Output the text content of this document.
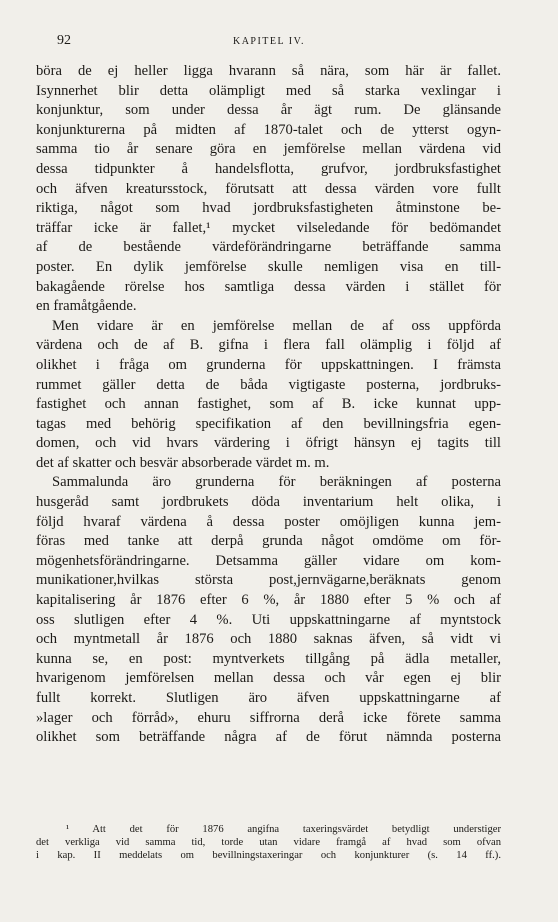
92	KAPITEL IV.
böra de ej heller ligga hvarann så nära, som här är fallet.
Isynnerhet blir detta olämpligt med så starka vexlingar i
konjunktur, som under dessa år ägt rum. De glänsande
konjunkturerna på midten af 1870-talet och de ytterst ogyn-
samma tio år senare göra en jemförelse mellan värdena vid
dessa tidpunkter å handelsflotta, grufvor, jordbruksfastighet
och äfven kreatursstock, förutsatt att dessa värden vore fullt
riktiga, något som hvad jordbruksfastigheten åtminstone be-
träffar icke är fallet,¹ mycket vilseledande för bedömandet
af de bestående värdeförändringarne beträffande samma
poster. En dylik jemförelse skulle nemligen visa en till-
bakagående rörelse hos samtliga dessa värden i stället för
en framåtgående.
Men vidare är en jemförelse mellan de af oss uppförda
värdena och de af B. gifna i flera fall olämplig i följd af
olikhet i fråga om grunderna för uppskattningen. I främsta
rummet gäller detta de båda vigtigaste posterna, jordbruks-
fastighet och annan fastighet, som af B. icke kunnat upp-
tagas med behörig specifikation af den bevillningsfria egen-
domen, och vid hvars värdering i öfrigt hänsyn ej tagits till
det af skatter och besvär absorberade värdet m. m.
Sammalunda äro grunderna för beräkningen af posterna
husgeråd samt jordbrukets döda inventarium helt olika, i
följd hvaraf värdena å dessa poster omöjligen kunna jem-
föras med tanke att derpå grunda något omdöme om för-
mögenhetsförändringarne. Detsamma gäller vidare om kom-
munikationer,hvilkas största post,jernvägarne,beräknats genom
kapitalisering år 1876 efter 6 %, år 1880 efter 5 % och af
oss slutligen efter 4 %. Uti uppskattningarne af myntstock
och myntmetall år 1876 och 1880 saknas äfven, så vidt vi
kunna se, en post: myntverkets tillgång på ädla metaller,
hvarigenom jemförelsen mellan dessa och vår egen ej blir
fullt korrekt. Slutligen äro äfven uppskattningarne af
»lager och förråd», ehuru siffrorna derå icke förete samma
olikhet som beträffande några af de förut nämnda posterna
¹ Att det för 1876 angifna taxeringsvärdet betydligt understiger
det verkliga vid samma tid, torde utan vidare framgå af hvad som ofvan
i kap. II meddelats om bevillningstaxeringar och konjunkturer (s. 14 ff.).
